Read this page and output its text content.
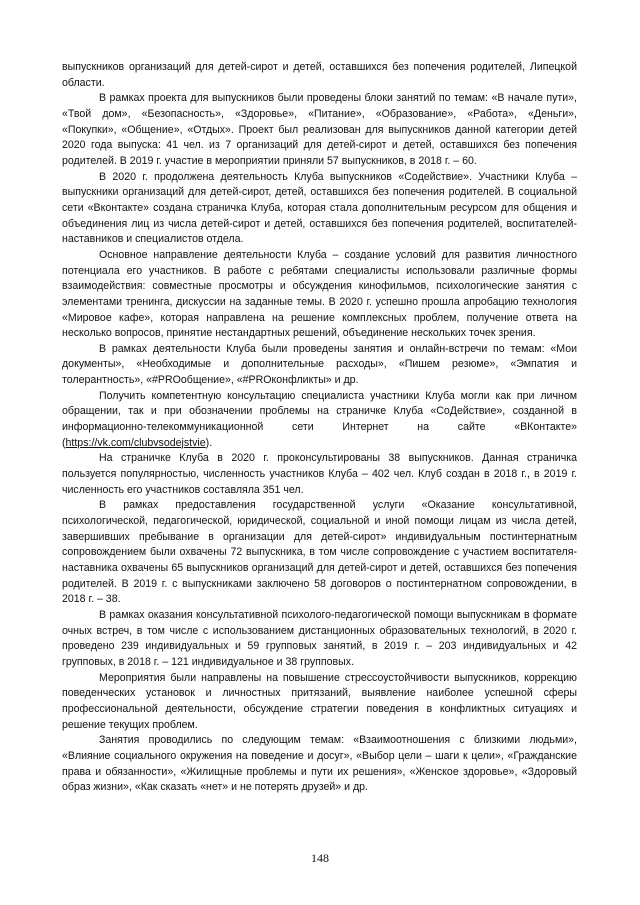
выпускников организаций для детей-сирот и детей, оставшихся без попечения родителей, Липецкой области.

В рамках проекта для выпускников были проведены блоки занятий по темам: «В начале пути», «Твой дом», «Безопасность», «Здоровье», «Питание», «Образование», «Работа», «Деньги», «Покупки», «Общение», «Отдых». Проект был реализован для выпускников данной категории детей 2020 года выпуска: 41 чел. из 7 организаций для детей-сирот и детей, оставшихся без попечения родителей. В 2019 г. участие в мероприятии приняли 57 выпускников, в 2018 г. – 60.

В 2020 г. продолжена деятельность Клуба выпускников «Содействие». Участники Клуба – выпускники организаций для детей-сирот, детей, оставшихся без попечения родителей. В социальной сети «Вконтакте» создана страничка Клуба, которая стала дополнительным ресурсом для общения и объединения лиц из числа детей-сирот и детей, оставшихся без попечения родителей, воспитателей-наставников и специалистов отдела.

Основное направление деятельности Клуба – создание условий для развития личностного потенциала его участников. В работе с ребятами специалисты использовали различные формы взаимодействия: совместные просмотры и обсуждения кинофильмов, психологические занятия с элементами тренинга, дискуссии на заданные темы. В 2020 г. успешно прошла апробацию технология «Мировое кафе», которая направлена на решение комплексных проблем, получение ответа на несколько вопросов, принятие нестандартных решений, объединение нескольких точек зрения.

В рамках деятельности Клуба были проведены занятия и онлайн-встречи по темам: «Мои документы», «Необходимые и дополнительные расходы», «Пишем резюме», «Эмпатия и толерантность», «#PROобщение», «#PROконфликты» и др.

Получить компетентную консультацию специалиста участники Клуба могли как при личном обращении, так и при обозначении проблемы на страничке Клуба «СоДействие», созданной в информационно-телекоммуникационной сети Интернет на сайте «ВКонтакте» (https://vk.com/clubvsodejstvie).

На страничке Клуба в 2020 г. проконсультированы 38 выпускников. Данная страничка пользуется популярностью, численность участников Клуба – 402 чел. Клуб создан в 2018 г., в 2019 г. численность его участников составляла 351 чел.

В рамках предоставления государственной услуги «Оказание консультативной, психологической, педагогической, юридической, социальной и иной помощи лицам из числа детей, завершивших пребывание в организации для детей-сирот» индивидуальным постинтернатным сопровождением были охвачены 72 выпускника, в том числе сопровождение с участием воспитателя-наставника охвачены 65 выпускников организаций для детей-сирот и детей, оставшихся без попечения родителей. В 2019 г. с выпускниками заключено 58 договоров о постинтернатном сопровождении, в 2018 г. – 38.

В рамках оказания консультативной психолого-педагогической помощи выпускникам в формате очных встреч, в том числе с использованием дистанционных образовательных технологий, в 2020 г. проведено 239 индивидуальных и 59 групповых занятий, в 2019 г. – 203 индивидуальных и 42 групповых, в 2018 г. – 121 индивидуальное и 38 групповых.

Мероприятия были направлены на повышение стрессоустойчивости выпускников, коррекцию поведенческих установок и личностных притязаний, выявление наиболее успешной сферы профессиональной деятельности, обсуждение стратегии поведения в конфликтных ситуациях и решение текущих проблем.

Занятия проводились по следующим темам: «Взаимоотношения с близкими людьми», «Влияние социального окружения на поведение и досуг», «Выбор цели – шаги к цели», «Гражданские права и обязанности», «Жилищные проблемы и пути их решения», «Женское здоровье», «Здоровый образ жизни», «Как сказать «нет» и не потерять друзей» и др.

148
